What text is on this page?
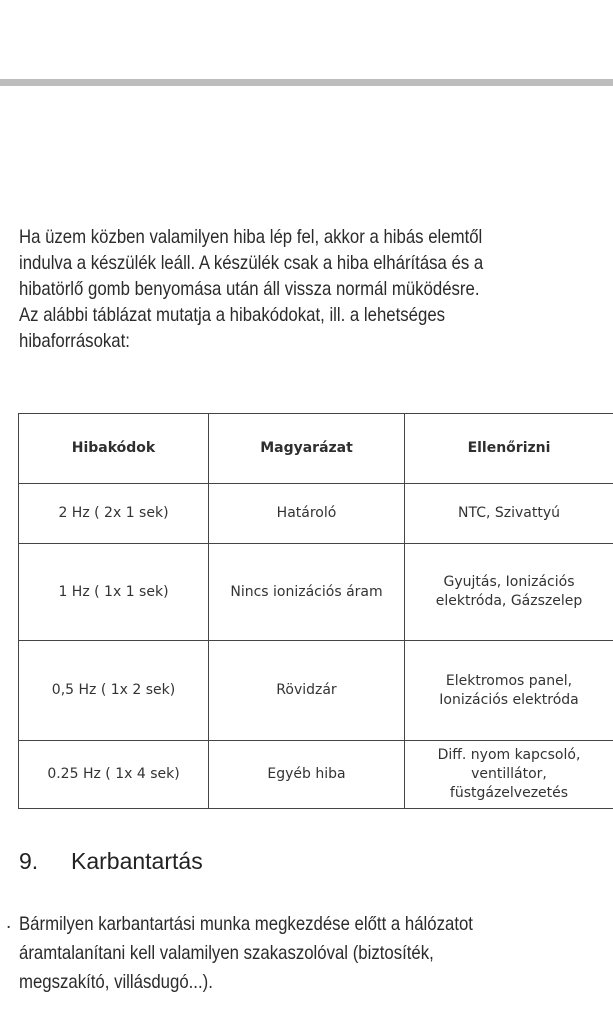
Ha üzem közben valamilyen hiba lép fel, akkor a hibás elemtől
indulva a készülék leáll. A készülék csak a hiba elhárítása és a
hibatörlő gomb benyomása után áll vissza normál müködésre.
Az alábbi táblázat mutatja a hibakódokat, ill. a lehetséges
hibaforrásokat:
Hibakódok	Magyarázat	Ellenőrizni
2 Hz ( 2x 1 sek)	Határoló	NTC, Szivattyú

1 Hz ( 1x 1 sek)	Nincs ionizációs áram	Gyujtás, Ionizációs
elektróda, Gázszelep

0,5 Hz ( 1x 2 sek)	Rövidzár	Elektromos panel,
Ionizációs elektróda

0.25 Hz ( 1x 4 sek)	Egyéb hiba	Diff. nyom kapcsoló,
ventillátor,
füstgázelvezetés
9. Karbantartás
. Bármilyen karbantartási munka megkezdése előtt a hálózatot
áramtalanítani kell valamilyen szakaszolóval (biztosíték,
megszakító, villásdugó...).
